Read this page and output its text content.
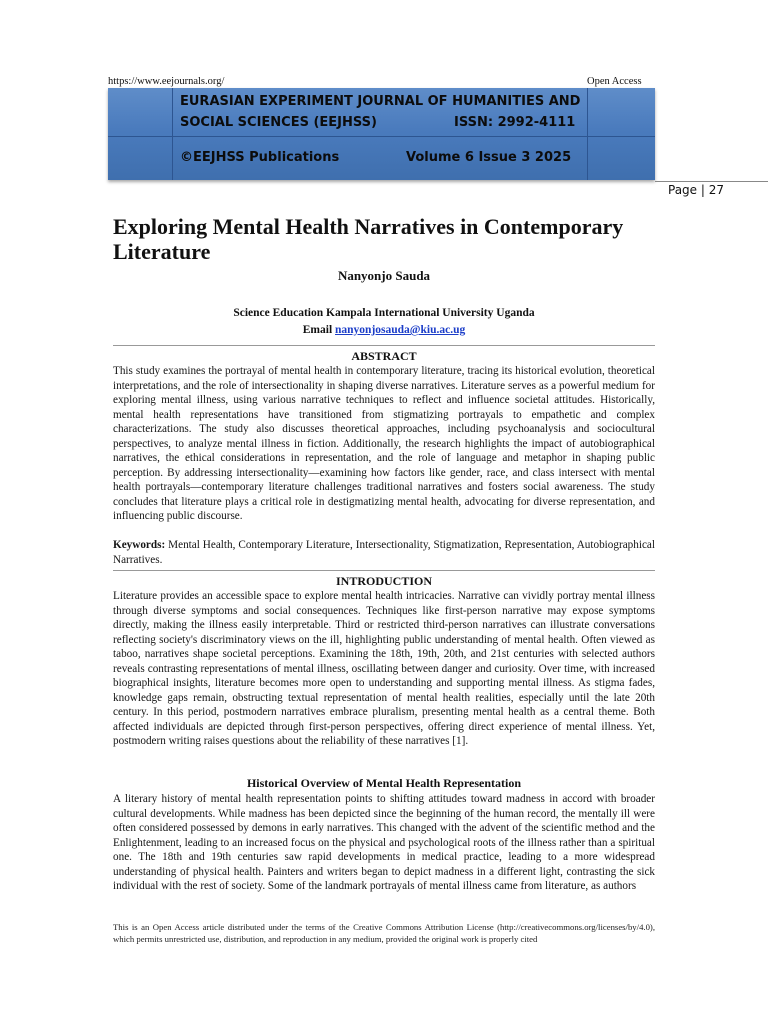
https://www.eejournals.org/	Open Access
EURASIAN EXPERIMENT JOURNAL OF HUMANITIES AND
SOCIAL SCIENCES (EEJHSS)	ISSN: 2992-4111
©EEJHSS Publications	Volume 6 Issue 3 2025
Page | 27
Exploring Mental Health Narratives in Contemporary Literature
Nanyonjo Sauda
Science Education Kampala International University Uganda
Email nanyonjosauda@kiu.ac.ug
ABSTRACT

This study examines the portrayal of mental health in contemporary literature, tracing its historical evolution, theoretical interpretations, and the role of intersectionality in shaping diverse narratives. Literature serves as a powerful medium for exploring mental illness, using various narrative techniques to reflect and influence societal attitudes. Historically, mental health representations have transitioned from stigmatizing portrayals to empathetic and complex characterizations. The study also discusses theoretical approaches, including psychoanalysis and sociocultural perspectives, to analyze mental illness in fiction. Additionally, the research highlights the impact of autobiographical narratives, the ethical considerations in representation, and the role of language and metaphor in shaping public perception. By addressing intersectionality—examining how factors like gender, race, and class intersect with mental health portrayals—contemporary literature challenges traditional narratives and fosters social awareness. The study concludes that literature plays a critical role in destigmatizing mental health, advocating for diverse representation, and influencing public discourse.

Keywords: Mental Health, Contemporary Literature, Intersectionality, Stigmatization, Representation, Autobiographical Narratives.

INTRODUCTION

Literature provides an accessible space to explore mental health intricacies. Narrative can vividly portray mental illness through diverse symptoms and social consequences. Techniques like first-person narrative may expose symptoms directly, making the illness easily interpretable. Third or restricted third-person narratives can illustrate conversations reflecting society's discriminatory views on the ill, highlighting public understanding of mental health. Often viewed as taboo, narratives shape societal perceptions. Examining the 18th, 19th, 20th, and 21st centuries with selected authors reveals contrasting representations of mental illness, oscillating between danger and curiosity. Over time, with increased biographical insights, literature becomes more open to understanding and supporting mental illness. As stigma fades, knowledge gaps remain, obstructing textual representation of mental health realities, especially until the late 20th century. In this period, postmodern narratives embrace pluralism, presenting mental health as a central theme. Both affected individuals are depicted through first-person perspectives, offering direct experience of mental illness. Yet, postmodern writing raises questions about the reliability of these narratives [1].

Historical Overview of Mental Health Representation

A literary history of mental health representation points to shifting attitudes toward madness in accord with broader cultural developments. While madness has been depicted since the beginning of the human record, the mentally ill were often considered possessed by demons in early narratives. This changed with the advent of the scientific method and the Enlightenment, leading to an increased focus on the physical and psychological roots of the illness rather than a spiritual one. The 18th and 19th centuries saw rapid developments in medical practice, leading to a more widespread understanding of physical health. Painters and writers began to depict madness in a different light, contrasting the sick individual with the rest of society. Some of the landmark portrayals of mental illness came from literature, as authors

This is an Open Access article distributed under the terms of the Creative Commons Attribution License (http://creativecommons.org/licenses/by/4.0), which permits unrestricted use, distribution, and reproduction in any medium, provided the original work is properly cited
